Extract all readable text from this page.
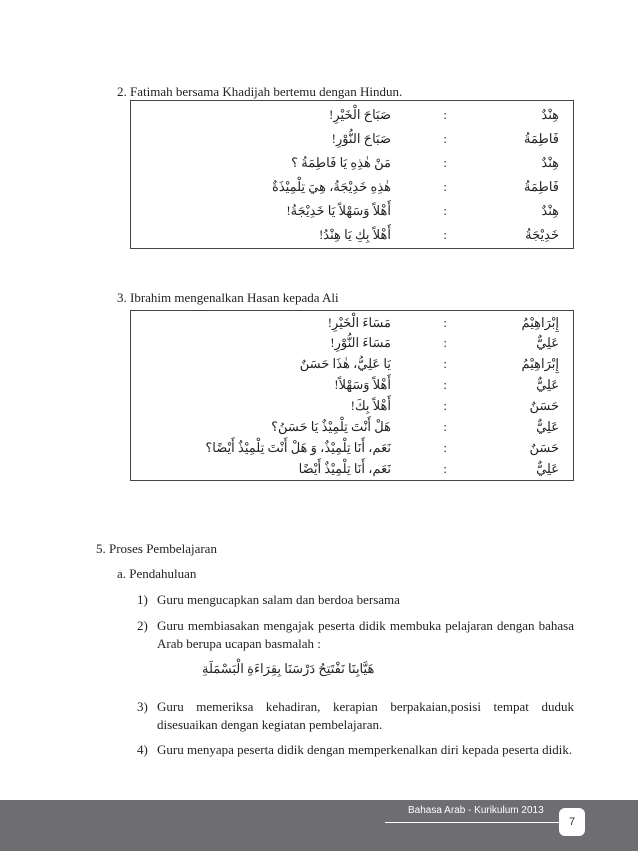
2. Fatimah bersama Khadijah bertemu dengan Hindun.
هِنْدٌ
:
صَبَاحَ الْخَيْرِ!
فَاطِمَةُ
:
صَبَاحَ النُّوْرِ!
هِنْدٌ
:
مَنْ هٰذِهِ يَا فَاطِمَةُ ؟
فَاطِمَةُ
:
هٰذِهِ خَدِيْجَةُ، هِيَ تِلْمِيْذَةٌ
هِنْدٌ
:
أَهْلاً وَسَهْلاً يَا خَدِيْجَةُ!
خَدِيْجَةُ
:
أَهْلاً بِكِ يَا هِنْدُ!
3. Ibrahim mengenalkan Hasan kepada Ali
إِبْرَاهِيْمُ
:
مَسَاءَ الْخَيْرِ!
عَلِيٌّ
:
مَسَاءَ النُّوْرِ!
إِبْرَاهِيْمُ
:
يَا عَلِيُّ، هٰذَا حَسَنٌ
عَلِيٌّ
:
أَهْلاً وَسَهْلاً!
حَسَنٌ
:
أَهْلاً بِكَ!
عَلِيٌّ
:
هَلْ أَنْتَ تِلْمِيْذٌ يَا حَسَنُ؟
حَسَنٌ
:
نَعَم، أَنَا تِلْمِيْذٌ، وَ هَلْ أَنْتَ تِلْمِيْذٌ أَيْضًا؟
عَلِيٌّ
:
نَعَم، أَنَا تِلْمِيْذٌ أَيْضًا
5. Proses Pembelajaran
a. Pendahuluan
1) Guru mengucapkan salam dan berdoa bersama
2) Guru membiasakan mengajak peserta didik membuka pelajaran dengan bahasa Arab berupa ucapan basmalah :
هَيَّابِنَا نَفْتَتِحُ دَرْسَنَا بِقِرَاءَةِ الْبَسْمَلَةِ
3) Guru memeriksa kehadiran, kerapian berpakaian,posisi tempat duduk disesuaikan dengan kegiatan pembelajaran.
4) Guru menyapa peserta didik dengan memperkenalkan diri kepada peserta didik.
Bahasa Arab - Kurikulum 2013
7
